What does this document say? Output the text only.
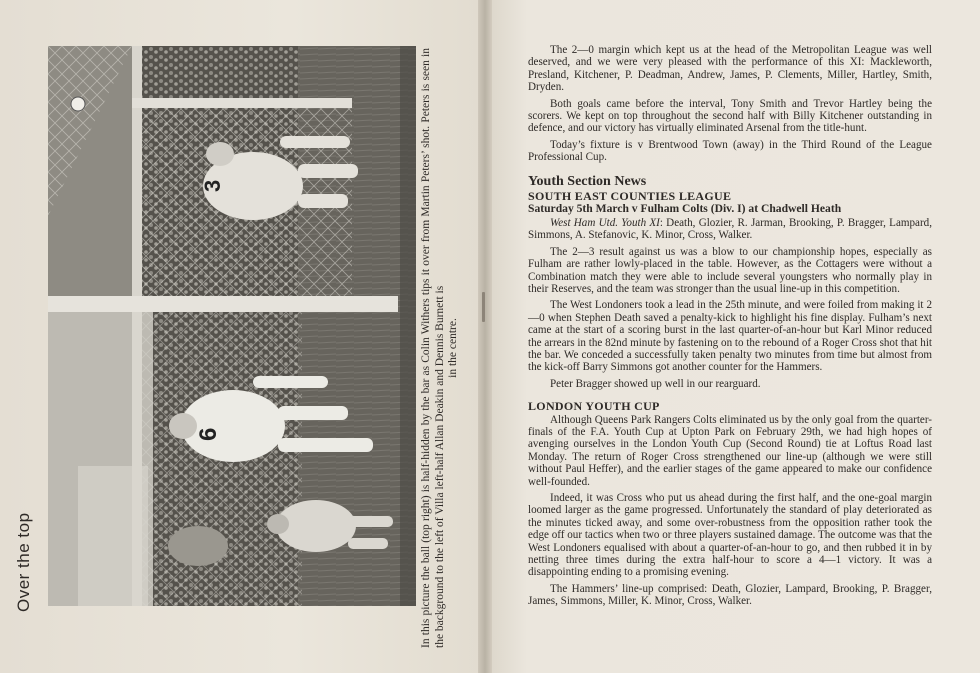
3
6
Over the top	In this picture the ball (top right) is half-hidden by the bar as Colin Withers tips it over from Martin Peters’ shot. Peters is seen in the background to the left of Villa left-half Allan Deakin and Dennis Burnett is in the centre.

The 2—0 margin which kept us at the head of the Metropolitan League was well deserved, and we were very pleased with the performance of this XI: Mackleworth, Presland, Kitchener, P. Deadman, Andrew, James, P. Clements, Miller, Hartley, Smith, Dryden.

Both goals came before the interval, Tony Smith and Trevor Hartley being the scorers. We kept on top throughout the second half with Billy Kitchener outstanding in defence, and our victory has virtually eliminated Arsenal from the title-hunt.

Today’s fixture is v Brentwood Town (away) in the Third Round of the League Professional Cup.

Youth Section News
SOUTH EAST COUNTIES LEAGUE
Saturday 5th March v Fulham Colts (Div. I) at Chadwell Heath

West Ham Utd. Youth XI: Death, Glozier, R. Jarman, Brooking, P. Bragger, Lampard, Simmons, A. Stefanovic, K. Minor, Cross, Walker.

The 2—3 result against us was a blow to our championship hopes, especially as Fulham are rather lowly-placed in the table. However, as the Cottagers were without a Combination match they were able to include several youngsters who normally play in their Reserves, and the team was stronger than the usual line-up in this competition.

The West Londoners took a lead in the 25th minute, and were foiled from making it 2—0 when Stephen Death saved a penalty-kick to highlight his fine display. Fulham’s next came at the start of a scoring burst in the last quarter-of-an-hour but Karl Minor reduced the arrears in the 82nd minute by fastening on to the rebound of a Roger Cross shot that hit the bar. We conceded a successfully taken penalty two minutes from time but almost from the kick-off Barry Simmons got another counter for the Hammers.

Peter Bragger showed up well in our rearguard.

LONDON YOUTH CUP

Although Queens Park Rangers Colts eliminated us by the only goal from the quarter-finals of the F.A. Youth Cup at Upton Park on February 29th, we had high hopes of avenging ourselves in the London Youth Cup (Second Round) tie at Loftus Road last Monday. The return of Roger Cross strengthened our line-up (although we were still without Paul Heffer), and the earlier stages of the game appeared to make our confidence well-founded.

Indeed, it was Cross who put us ahead during the first half, and the one-goal margin loomed larger as the game progressed. Unfortunately the standard of play deteriorated as the minutes ticked away, and some over-robustness from the opposition rather took the edge off our tactics when two or three players sustained damage. The outcome was that the West Londoners equalised with about a quarter-of-an-hour to go, and then rubbed it in by netting three times during the extra half-hour to score a 4—1 victory. It was a disappointing ending to a promising evening.

The Hammers’ line-up comprised: Death, Glozier, Lampard, Brooking, P. Bragger, James, Simmons, Miller, K. Minor, Cross, Walker.
